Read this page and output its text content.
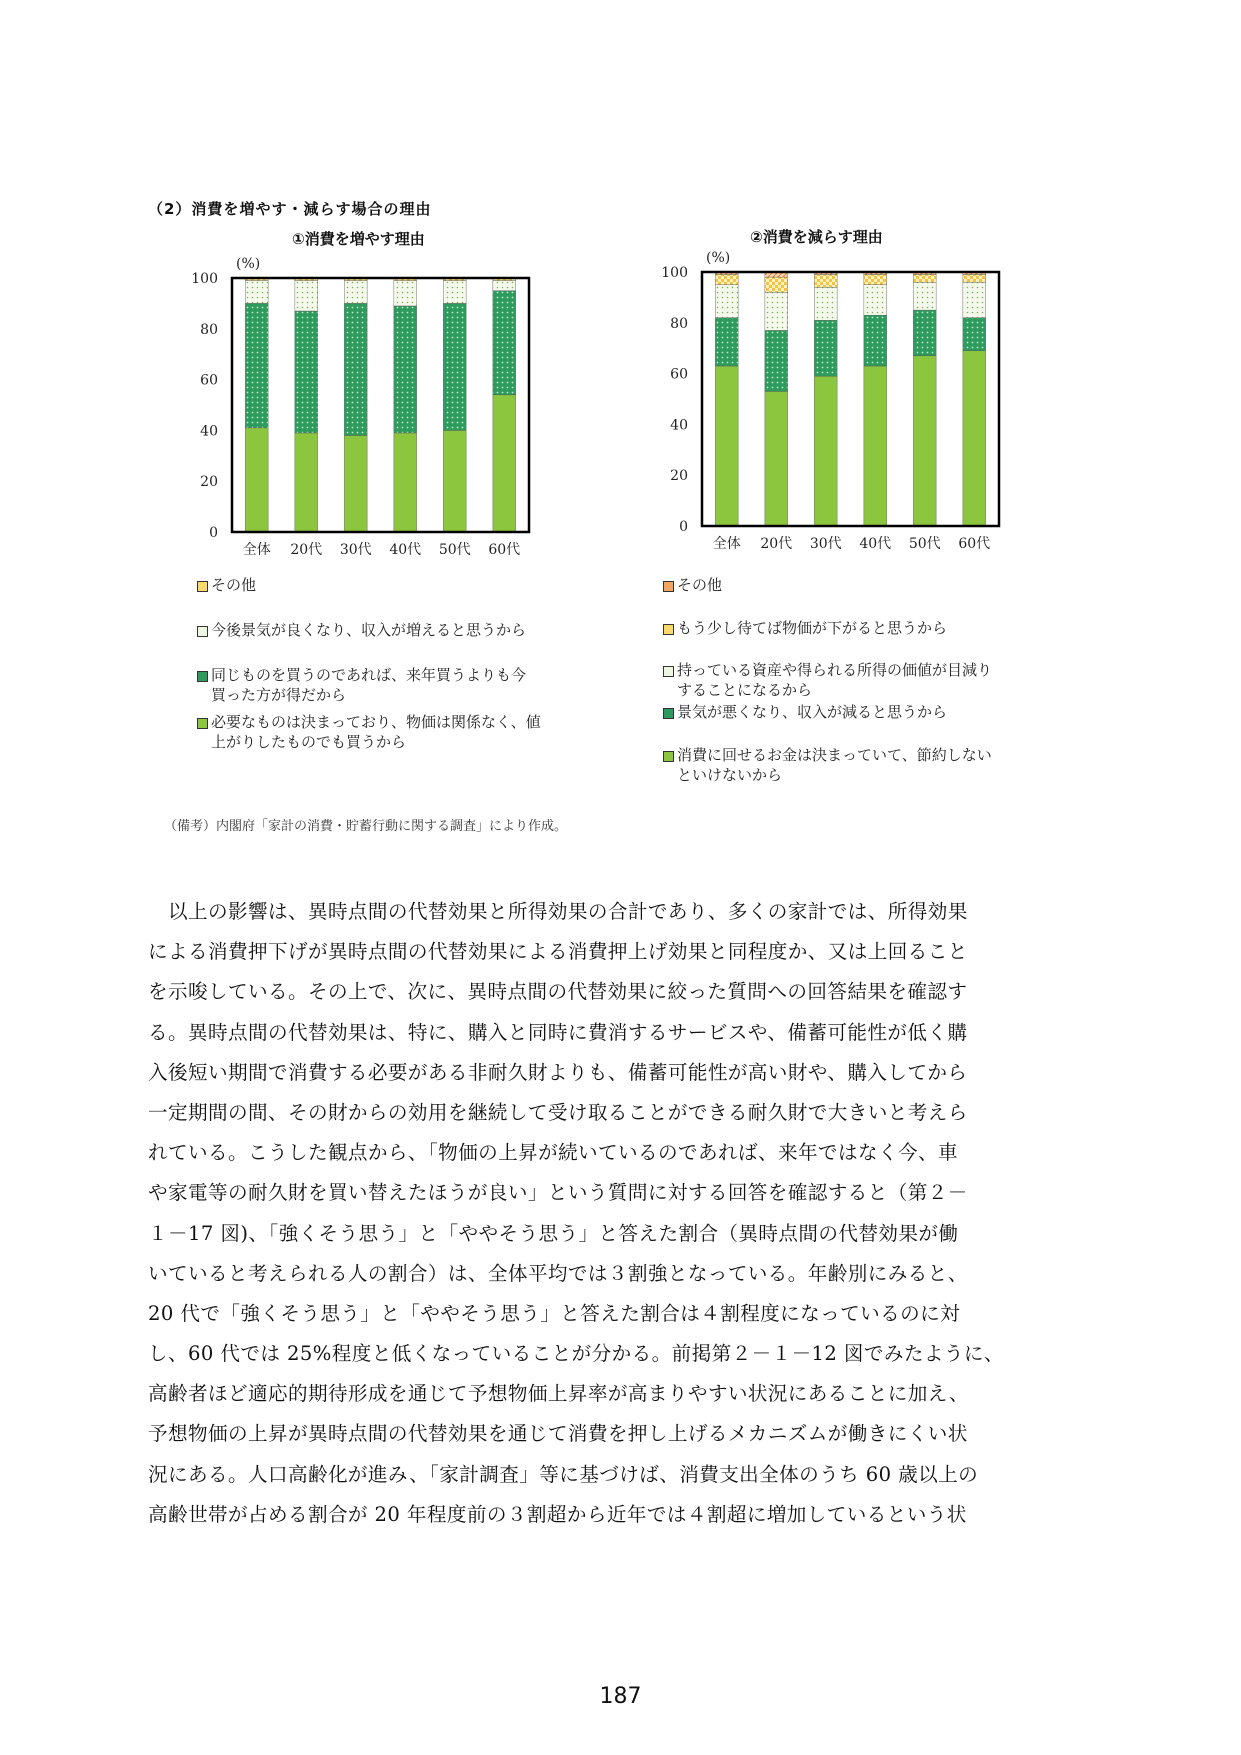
（2）消費を増やす・減らす場合の理由
①消費を増やす理由
(%)
0
20
40
60
80
100
全体 20代 30代 40代 50代 60代
②消費を減らす理由
(%)
0
20
40
60
80
100
全体 20代 30代 40代 50代 60代
その他
今後景気が良くなり、収入が増えると思うから
同じものを買うのであれば、来年買うよりも今
買った方が得だから
必要なものは決まっており、物価は関係なく、値
上がりしたものでも買うから
その他
もう少し待てば物価が下がると思うから
持っている資産や得られる所得の価値が目減り
することになるから
景気が悪くなり、収入が減ると思うから
消費に回せるお金は決まっていて、節約しない
といけないから
（備考）内閣府「家計の消費・貯蓄行動に関する調査」により作成。
　以上の影響は、異時点間の代替効果と所得効果の合計であり、多くの家計では、所得効果
による消費押下げが異時点間の代替効果による消費押上げ効果と同程度か、又は上回ること
を示唆している。その上で、次に、異時点間の代替効果に絞った質問への回答結果を確認す
る。異時点間の代替効果は、特に、購入と同時に費消するサービスや、備蓄可能性が低く購
入後短い期間で消費する必要がある非耐久財よりも、備蓄可能性が高い財や、購入してから
一定期間の間、その財からの効用を継続して受け取ることができる耐久財で大きいと考えら
れている。こうした観点から、「物価の上昇が続いているのであれば、来年ではなく今、車
や家電等の耐久財を買い替えたほうが良い」という質問に対する回答を確認すると（第２－
１－17 図)、「強くそう思う」と「ややそう思う」と答えた割合（異時点間の代替効果が働
いていると考えられる人の割合）は、全体平均では３割強となっている。年齢別にみると、
20 代で「強くそう思う」と「ややそう思う」と答えた割合は４割程度になっているのに対
し、60 代では 25%程度と低くなっていることが分かる。前掲第２－１－12 図でみたように、
高齢者ほど適応的期待形成を通じて予想物価上昇率が高まりやすい状況にあることに加え、
予想物価の上昇が異時点間の代替効果を通じて消費を押し上げるメカニズムが働きにくい状
況にある。人口高齢化が進み、「家計調査」等に基づけば、消費支出全体のうち 60 歳以上の
高齢世帯が占める割合が 20 年程度前の３割超から近年では４割超に増加しているという状
187
